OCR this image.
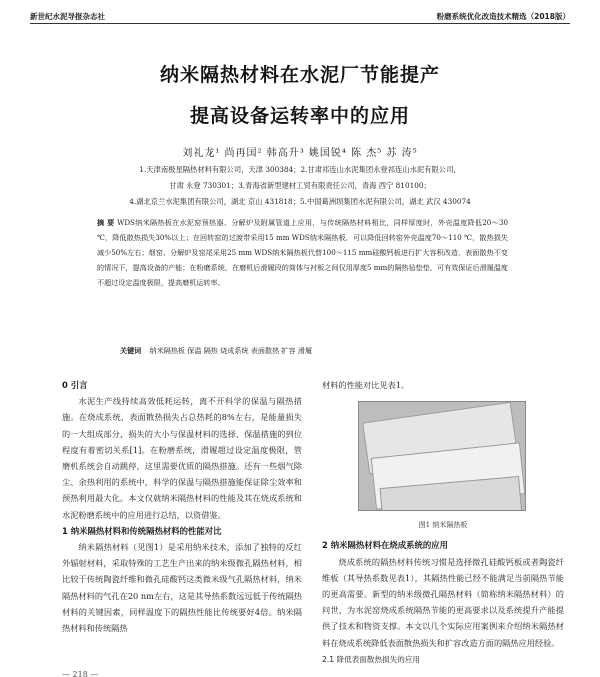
新世纪水泥导报杂志社	粉磨系统优化改造技术精选（2018版）
纳米隔热材料在水泥厂节能提产
提高设备运转率中的应用
刘礼龙¹ 尚再国² 韩高升³ 姚国锐⁴ 陈 杰⁵ 苏 涛⁵
1.天津南极星隔热材料有限公司，天津 300384；2.甘肃祁连山水泥集团永登祁连山水泥有限公司，
甘肃 永登 730301；3.青海省新型建材工贸有限责任公司，青海 西宁 810100；
4.湖北京兰水泥集团有限公司，湖北 京山 431818；5.中国葛洲坝集团水泥有限公司，湖北 武汉 430074
摘 要 WDS纳米隔热板在水泥窑预热器、分解炉及附属管道上应用，与传统隔热材料相比，同样厚度时，外壳温度降低20～30 ℃，降低散热损失30%以上；在回转窑的过渡带采用15 mm WDS纳米隔热板，可以降低回转窑外壳温度70～110 ℃，散热损失减少50%左右；烟窑、分解炉及窑尾采用25 mm WDS纳米隔热板代替100～115 mm硅酸钙板进行扩大容积改造，表面散热不变的情况下，提高设备的产能；在粉磨系统，在磨机后滑履段的筒体与衬板之间仅用厚度5 mm的隔热毡垫垫，可有效保证后滑履温度不超过设定温度极限，提高磨机运转率。
关键词 纳米隔热板 保温 隔热 烧成系统 表面散热 扩容 滑履
0 引言
水泥生产线持续高效低耗运转，离不开科学的保温与隔热措施。在烧成系统，表面散热损失占总热耗的8%左右，是能量损失的一大组成部分，损失的大小与保温材料的选择、保温措施的到位程度有着密切关系[1]。在粉磨系统，滑履超过设定温度极限，管磨机系统会自动跳停，这里需要优质的隔热措施。还有一些烟气除尘、余热利用的系统中，科学的保温与隔热措施能保证除尘效率和预热利用最大化。本文仅就纳米隔热材料的性能及其在烧成系统和水泥粉磨系统中的应用进行总结，以资借鉴。
1 纳米隔热材料和传统隔热材料的性能对比
纳米隔热材料（见图1）是采用纳米技术，添加了独特的反红外辐射材料，采取特殊的工艺生产出来的纳米级微孔隔热材料，相比较于传统陶瓷纤维和微孔硅酸钙这类微米级气孔隔热材料，纳米隔热材料的气孔在20 nm左右，这是其导热系数远远低于传统隔热材料的关键因素，同样温度下的隔热性能比传统要好4倍。纳米隔热材料和传统隔热
材料的性能对比见表1。
图1 纳米隔热板
2 纳米隔热材料在烧成系统的应用
烧成系统的隔热材料传统习惯是选择微孔硅酸钙板或者陶瓷纤维板（其导热系数见表1），其隔热性能已经不能满足当前隔热节能的更高需要。新型的纳米级微孔隔热材料（简称纳米隔热材料）的问世，为水泥窑烧成系统隔热节能的更高要求以及系统提升产能提供了技术和物资支撑。本文以几个实际应用案例来介绍纳米隔热材料在烧成系统降低表面散热损失和扩容改造方面的隔热应用经验。
2.1 降低表面散热损失的应用
— 218 —
